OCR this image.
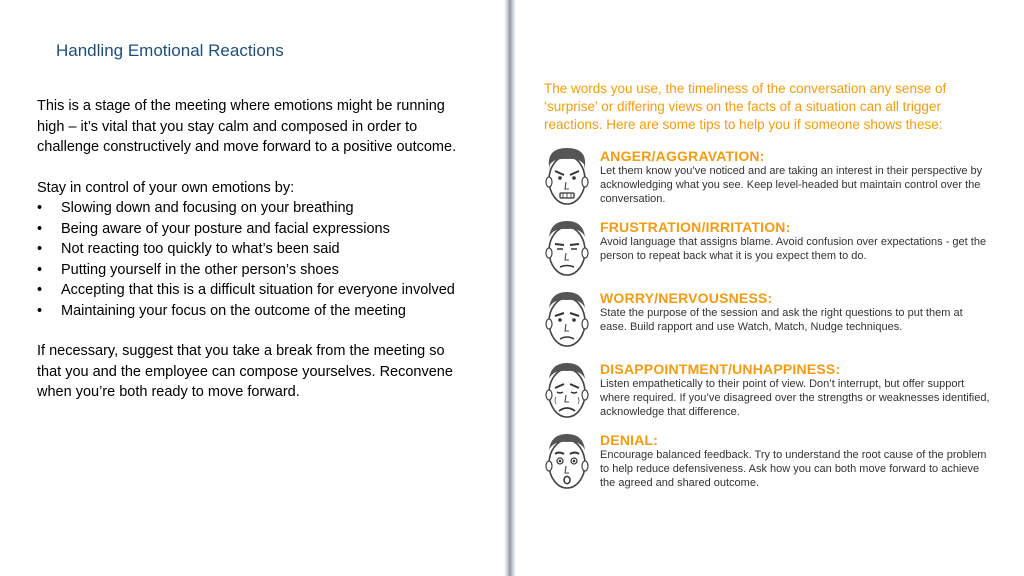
Handling Emotional Reactions

This is a stage of the meeting where emotions might be running high – it’s vital that you stay calm and composed in order to challenge constructively and move forward to a positive outcome.

Stay in control of your own emotions by:

• Slowing down and focusing on your breathing
• Being aware of your posture and facial expressions
• Not reacting too quickly to what’s been said
• Putting yourself in the other person’s shoes
• Accepting that this is a difficult situation for everyone involved
• Maintaining your focus on the outcome of the meeting

If necessary, suggest that you take a break from the meeting so that you and the employee can compose yourselves. Reconvene when you’re both ready to move forward.

The words you use, the timeliness of the conversation any sense of ‘surprise’ or differing views on the facts of a situation can all trigger reactions. Here are some tips to help you if someone shows these:
ANGER/AGGRAVATION:
Let them know you’ve noticed and are taking an interest in their perspective by acknowledging what you see. Keep level-headed but maintain control over the conversation.
FRUSTRATION/IRRITATION:
Avoid language that assigns blame. Avoid confusion over expectations - get the person to repeat back what it is you expect them to do.
WORRY/NERVOUSNESS:
State the purpose of the session and ask the right questions to put them at ease. Build rapport and use Watch, Match, Nudge techniques.
DISAPPOINTMENT/UNHAPPINESS:
Listen empathetically to their point of view. Don’t interrupt, but offer support where required. If you’ve disagreed over the strengths or weaknesses identified, acknowledge that difference.
DENIAL:
Encourage balanced feedback. Try to understand the root cause of the problem to help reduce defensiveness. Ask how you can both move forward to achieve the agreed and shared outcome.
